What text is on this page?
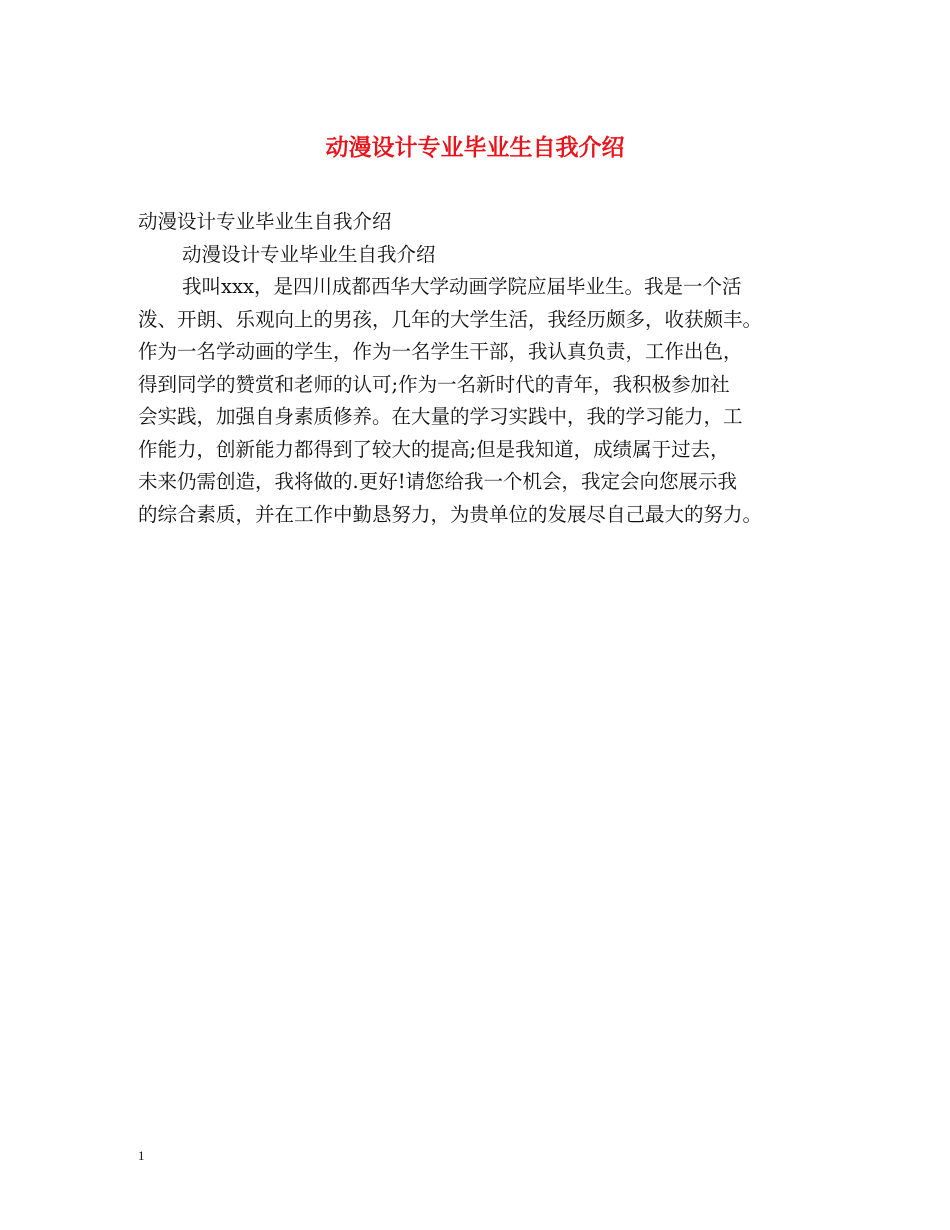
动漫设计专业毕业生自我介绍
动漫设计专业毕业生自我介绍
动漫设计专业毕业生自我介绍
我叫xxx，是四川成都西华大学动画学院应届毕业生。我是一个活
泼、开朗、乐观向上的男孩，几年的大学生活，我经历颇多，收获颇丰。
作为一名学动画的学生，作为一名学生干部，我认真负责，工作出色，
得到同学的赞赏和老师的认可;作为一名新时代的青年，我积极参加社
会实践，加强自身素质修养。在大量的学习实践中，我的学习能力，工
作能力，创新能力都得到了较大的提高;但是我知道，成绩属于过去，
未来仍需创造，我将做的.更好!请您给我一个机会，我定会向您展示我
的综合素质，并在工作中勤恳努力，为贵单位的发展尽自己最大的努力。
1
